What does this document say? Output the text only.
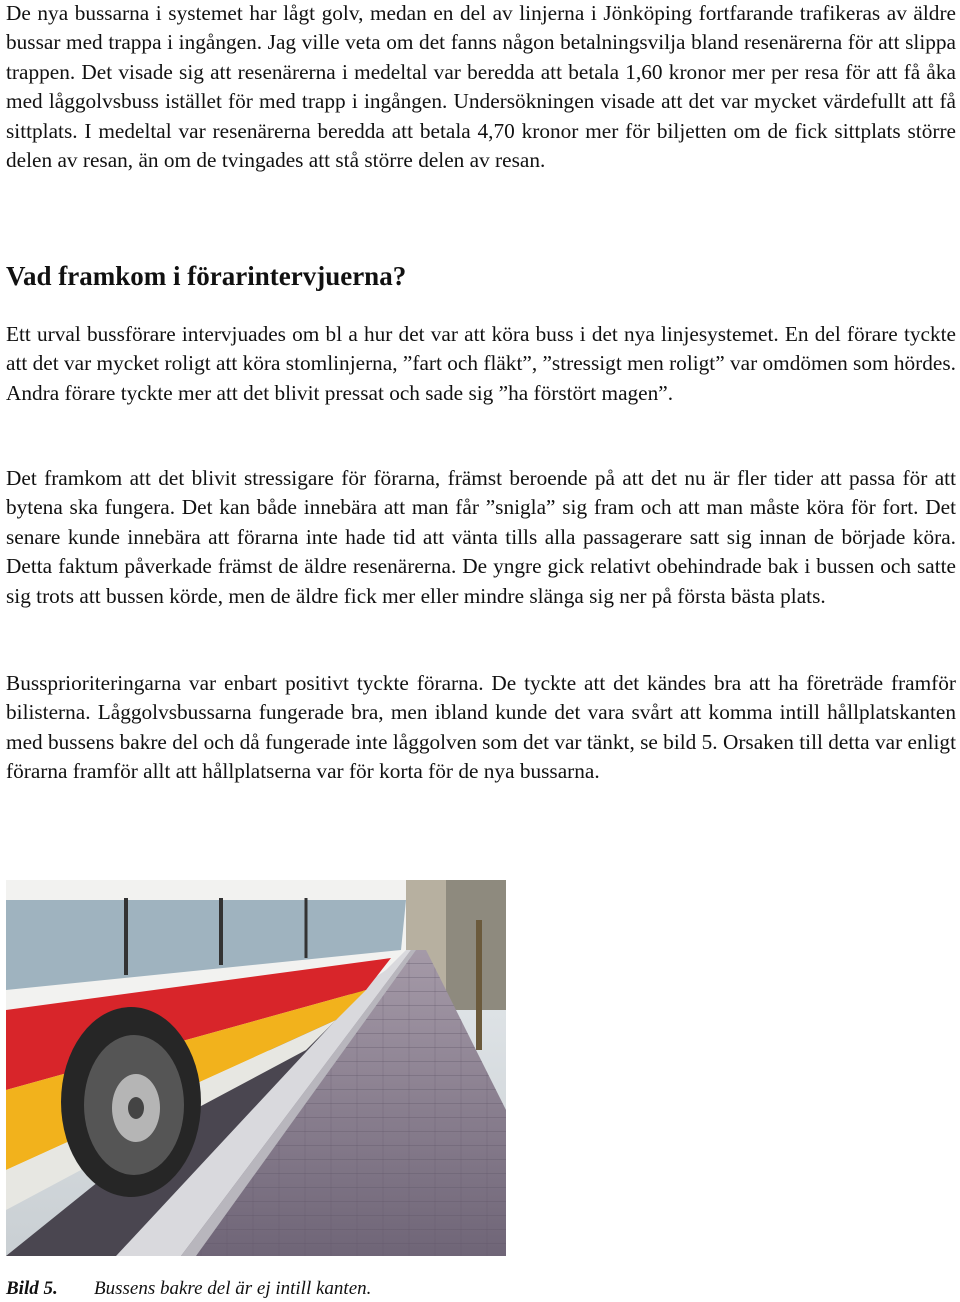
De nya bussarna i systemet har lågt golv, medan en del av linjerna i Jönköping fortfarande trafikeras av äldre bussar med trappa i ingången. Jag ville veta om det fanns någon betalningsvilja bland resenärerna för att slippa trappen. Det visade sig att resenärerna i medeltal var beredda att betala 1,60 kronor mer per resa för att få åka med låggolvsbuss istället för med trapp i ingången. Undersökningen visade att det var mycket värdefullt att få sittplats. I medeltal var resenärerna beredda att betala 4,70 kronor mer för biljetten om de fick sittplats större delen av resan, än om de tvingades att stå större delen av resan.

Vad framkom i förarintervjuerna?

Ett urval bussförare intervjuades om bl a hur det var att köra buss i det nya linjesystemet. En del förare tyckte att det var mycket roligt att köra stomlinjerna, ”fart och fläkt”, ”stressigt men roligt” var omdömen som hördes. Andra förare tyckte mer att det blivit pressat och sade sig ”ha förstört magen”.

Det framkom att det blivit stressigare för förarna, främst beroende på att det nu är fler tider att passa för att bytena ska fungera. Det kan både innebära att man får ”snigla” sig fram och att man måste köra för fort. Det senare kunde innebära att förarna inte hade tid att vänta tills alla passagerare satt sig innan de började köra. Detta faktum påverkade främst de äldre resenärerna. De yngre gick relativt obehindrade bak i bussen och satte sig trots att bussen körde, men de äldre fick mer eller mindre slänga sig ner på första bästa plats.

Bussprioriteringarna var enbart positivt tyckte förarna. De tyckte att det kändes bra att ha företräde framför bilisterna. Låggolvsbussarna fungerade bra, men ibland kunde det vara svårt att komma intill hållplatskanten med bussens bakre del och då fungerade inte låggolven som det var tänkt, se bild 5. Orsaken till detta var enligt förarna framför allt att hållplatserna var för korta för de nya bussarna.

Bild 5. Bussens bakre del är ej intill kanten.
